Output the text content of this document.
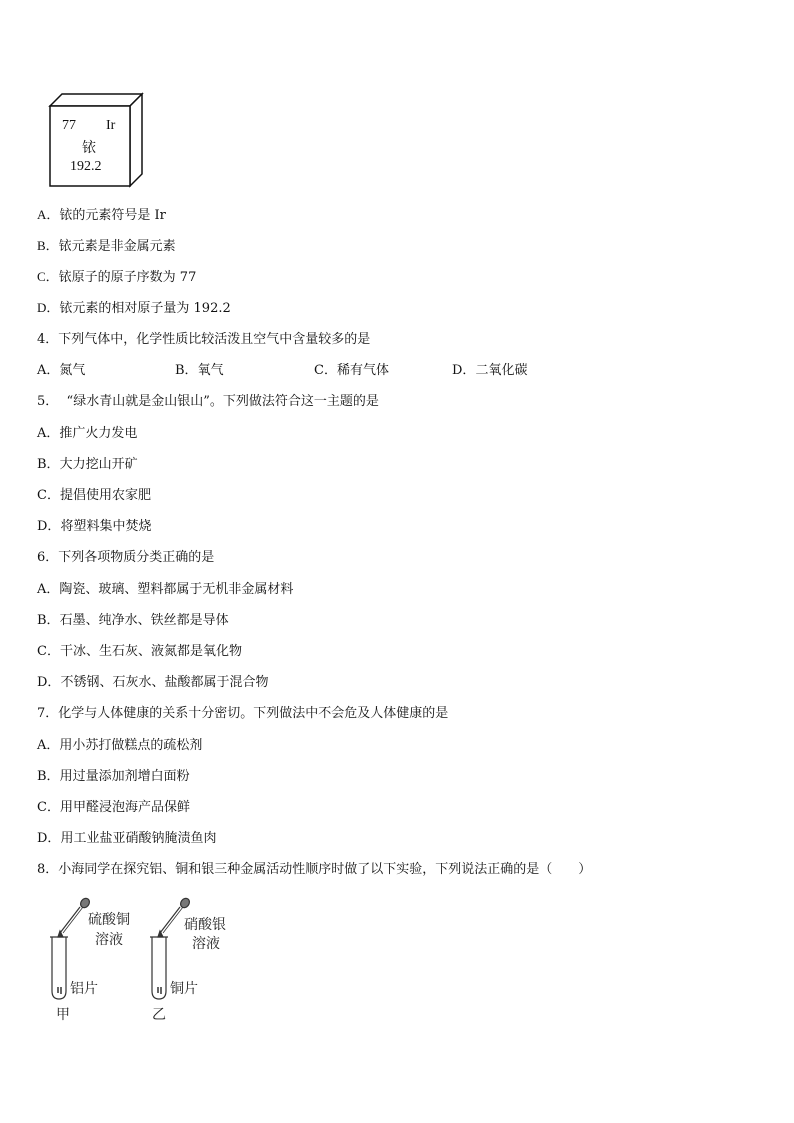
77 Ir
铱
192.2
A．铱的元素符号是 Ir
B．铱元素是非金属元素
C．铱原子的原子序数为 77
D．铱元素的相对原子量为 192.2
4．下列气体中，化学性质比较活泼且空气中含量较多的是
A．氮气	B．氧气	C．稀有气体	D．二氧化碳
5．  “绿水青山就是金山银山”。下列做法符合这一主题的是
A．推广火力发电
B．大力挖山开矿
C．提倡使用农家肥
D．将塑料集中焚烧
6．下列各项物质分类正确的是
A．陶瓷、玻璃、塑料都属于无机非金属材料
B．石墨、纯净水、铁丝都是导体
C．干冰、生石灰、液氮都是氧化物
D．不锈钢、石灰水、盐酸都属于混合物
7．化学与人体健康的关系十分密切。下列做法中不会危及人体健康的是
A．用小苏打做糕点的疏松剂
B．用过量添加剂增白面粉
C．用甲醛浸泡海产品保鲜
D．用工业盐亚硝酸钠腌渍鱼肉
8．小海同学在探究铝、铜和银三种金属活动性顺序时做了以下实验，下列说法正确的是（　　）
硫酸铜
溶液
铝片
甲
硝酸银
溶液
铜片
乙
